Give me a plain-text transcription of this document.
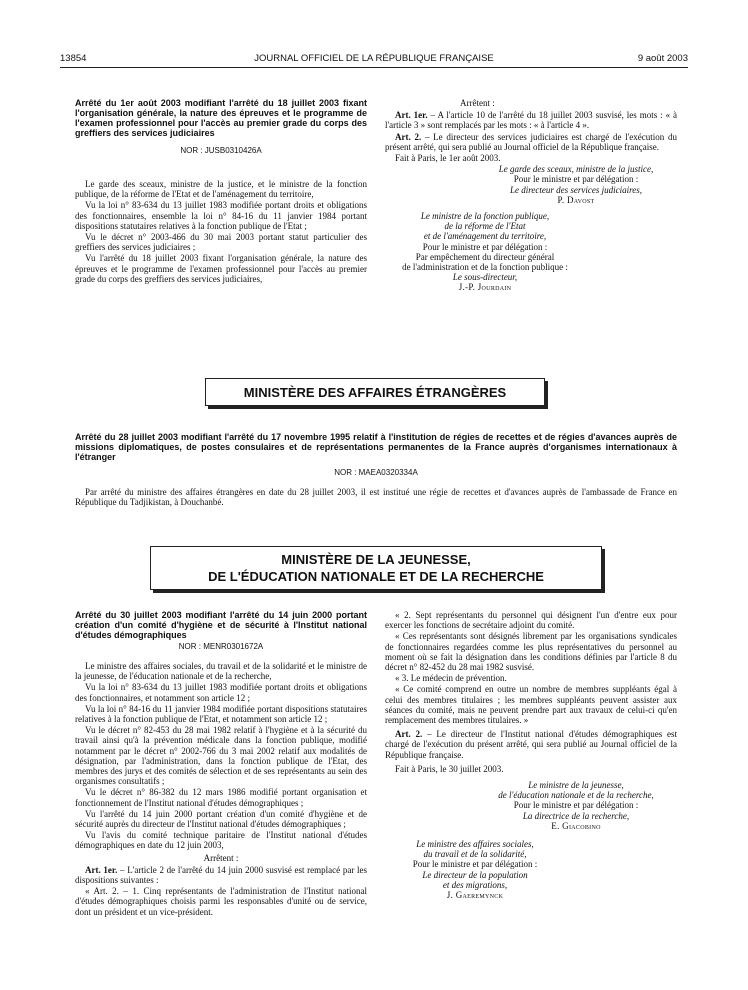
13854	JOURNAL OFFICIEL DE LA RÉPUBLIQUE FRANÇAISE	9 août 2003
Arrêté du 1er août 2003 modifiant l'arrêté du 18 juillet 2003 fixant l'organisation générale, la nature des épreuves et le programme de l'examen professionnel pour l'accès au premier grade du corps des greffiers des services judiciaires
NOR : JUSB0310426A

Le garde des sceaux, ministre de la justice, et le ministre de la fonction publique, de la réforme de l'Etat et de l'aménagement du territoire,

Vu la loi n° 83-634 du 13 juillet 1983 modifiée portant droits et obligations des fonctionnaires, ensemble la loi n° 84-16 du 11 janvier 1984 portant dispositions statutaires relatives à la fonction publique de l'Etat ;

Vu le décret n° 2003-466 du 30 mai 2003 portant statut particulier des greffiers des services judiciaires ;

Vu l'arrêté du 18 juillet 2003 fixant l'organisation générale, la nature des épreuves et le programme de l'examen professionnel pour l'accès au premier grade du corps des greffiers des services judiciaires,

Arrêtent :

Art. 1er. – A l'article 10 de l'arrêté du 18 juillet 2003 susvisé, les mots : « à l'article 3 » sont remplacés par les mots : « à l'article 4 ».

Art. 2. – Le directeur des services judiciaires est chargé de l'exécution du présent arrêté, qui sera publié au Journal officiel de la République française.

Fait à Paris, le 1er août 2003.

Le garde des sceaux, ministre de la justice,
Pour le ministre et par délégation :
Le directeur des services judiciaires,
P. Davost
Le ministre de la fonction publique,
de la réforme de l'Etat
et de l'aménagement du territoire,
Pour le ministre et par délégation :
Par empêchement du directeur général
de l'administration et de la fonction publique :
Le sous-directeur,
J.-P. Jourdain
MINISTÈRE DES AFFAIRES ÉTRANGÈRES
Arrêté du 28 juillet 2003 modifiant l'arrêté du 17 novembre 1995 relatif à l'institution de régies de recettes et de régies d'avances auprès de missions diplomatiques, de postes consulaires et de représentations permanentes de la France auprès d'organismes internationaux à l'étranger
NOR : MAEA0320334A

Par arrêté du ministre des affaires étrangères en date du 28 juillet 2003, il est institué une régie de recettes et d'avances auprès de l'ambassade de France en République du Tadjikistan, à Douchanbé.

MINISTÈRE DE LA JEUNESSE,
DE L'ÉDUCATION NATIONALE ET DE LA RECHERCHE
Arrêté du 30 juillet 2003 modifiant l'arrêté du 14 juin 2000 portant création d'un comité d'hygiène et de sécurité à l'Institut national d'études démographiques
NOR : MENR0301672A

Le ministre des affaires sociales, du travail et de la solidarité et le ministre de la jeunesse, de l'éducation nationale et de la recherche,

Vu la loi n° 83-634 du 13 juillet 1983 modifiée portant droits et obligations des fonctionnaires, et notamment son article 12 ;

Vu la loi n° 84-16 du 11 janvier 1984 modifiée portant dispositions statutaires relatives à la fonction publique de l'Etat, et notamment son article 12 ;

Vu le décret n° 82-453 du 28 mai 1982 relatif à l'hygiène et à la sécurité du travail ainsi qu'à la prévention médicale dans la fonction publique, modifié notamment par le décret n° 2002-766 du 3 mai 2002 relatif aux modalités de désignation, par l'administration, dans la fonction publique de l'Etat, des membres des jurys et des comités de sélection et de ses représentants au sein des organismes consultatifs ;

Vu le décret n° 86-382 du 12 mars 1986 modifié portant organisation et fonctionnement de l'Institut national d'études démographiques ;

Vu l'arrêté du 14 juin 2000 portant création d'un comité d'hygiène et de sécurité auprès du directeur de l'Institut national d'études démographiques ;

Vu l'avis du comité technique paritaire de l'Institut national d'études démographiques en date du 12 juin 2003,

Arrêtent :

Art. 1er. – L'article 2 de l'arrêté du 14 juin 2000 susvisé est remplacé par les dispositions suivantes :

« Art. 2. – 1. Cinq représentants de l'administration de l'Institut national d'études démographiques choisis parmi les responsables d'unité ou de service, dont un président et un vice-président.

« 2. Sept représentants du personnel qui désignent l'un d'entre eux pour exercer les fonctions de secrétaire adjoint du comité.

« Ces représentants sont désignés librement par les organisations syndicales de fonctionnaires regardées comme les plus représentatives du personnel au moment où se fait la désignation dans les conditions définies par l'article 8 du décret n° 82-452 du 28 mai 1982 susvisé.

« 3. Le médecin de prévention.

« Ce comité comprend en outre un nombre de membres suppléants égal à celui des membres titulaires ; les membres suppléants peuvent assister aux séances du comité, mais ne peuvent prendre part aux travaux de celui-ci qu'en remplacement des membres titulaires. »

Art. 2. – Le directeur de l'Institut national d'études démographiques est chargé de l'exécution du présent arrêté, qui sera publié au Journal officiel de la République française.

Fait à Paris, le 30 juillet 2003.

Le ministre de la jeunesse,
de l'éducation nationale et de la recherche,
Pour le ministre et par délégation :
La directrice de la recherche,
E. Giacobino
Le ministre des affaires sociales,
du travail et de la solidarité,
Pour le ministre et par délégation :
Le directeur de la population
et des migrations,
J. Gaeremynck
